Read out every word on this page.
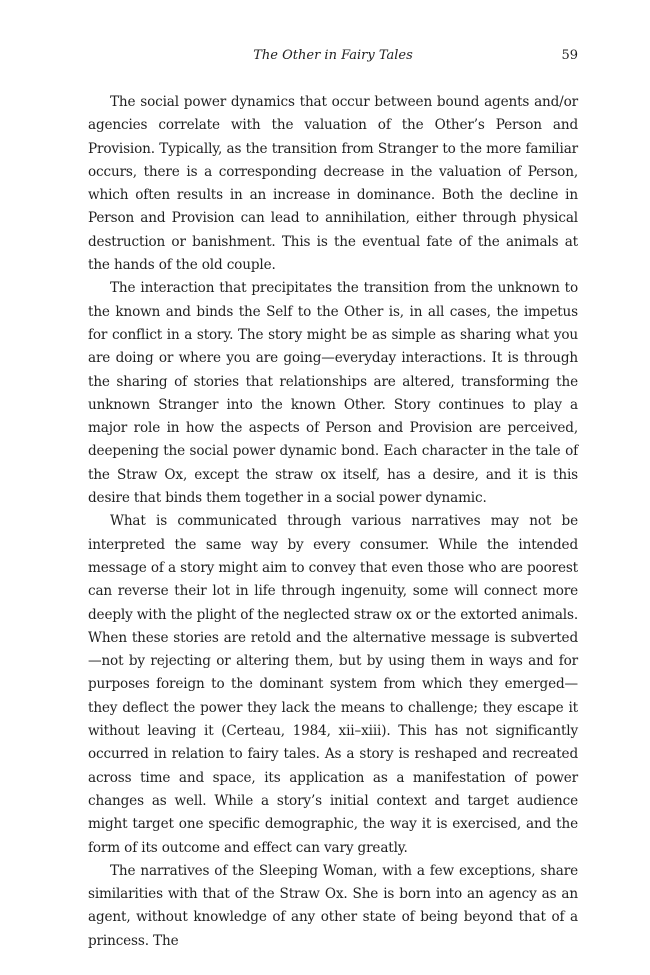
The Other in Fairy Tales	59

The social power dynamics that occur between bound agents and/or agencies correlate with the valuation of the Other’s Person and Provision. Typically, as the transition from Stranger to the more familiar occurs, there is a corresponding decrease in the valuation of Person, which often results in an increase in dominance. Both the decline in Person and Provision can lead to annihilation, either through physical destruction or banishment. This is the eventual fate of the animals at the hands of the old couple.

The interaction that precipitates the transition from the unknown to the known and binds the Self to the Other is, in all cases, the impetus for conflict in a story. The story might be as simple as sharing what you are doing or where you are going—everyday interactions. It is through the sharing of stories that relationships are altered, transforming the unknown Stranger into the known Other. Story continues to play a major role in how the aspects of Person and Provision are perceived, deepening the social power dynamic bond. Each character in the tale of the Straw Ox, except the straw ox itself, has a desire, and it is this desire that binds them together in a social power dynamic.

What is communicated through various narratives may not be interpreted the same way by every consumer. While the intended message of a story might aim to convey that even those who are poorest can reverse their lot in life through ingenuity, some will connect more deeply with the plight of the neglected straw ox or the extorted animals. When these stories are retold and the alternative message is subverted—not by rejecting or altering them, but by using them in ways and for purposes foreign to the dominant system from which they emerged—they deflect the power they lack the means to challenge; they escape it without leaving it (Certeau, 1984, xii–xiii). This has not significantly occurred in relation to fairy tales. As a story is reshaped and recreated across time and space, its application as a manifestation of power changes as well. While a story’s initial context and target audience might target one specific demographic, the way it is exercised, and the form of its outcome and effect can vary greatly.

The narratives of the Sleeping Woman, with a few exceptions, share similarities with that of the Straw Ox. She is born into an agency as an agent, without knowledge of any other state of being beyond that of a princess. The
